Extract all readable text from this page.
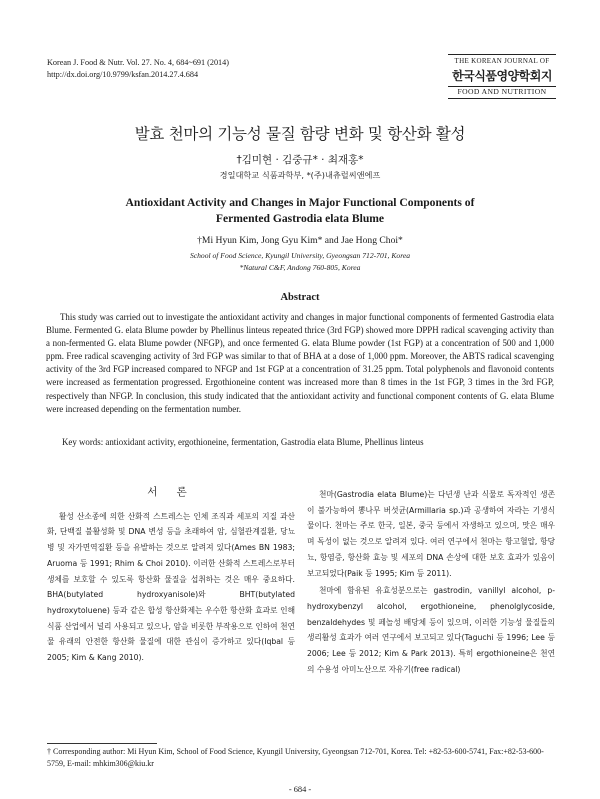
Korean J. Food & Nutr. Vol. 27. No. 4, 684~691 (2014)
http://dx.doi.org/10.9799/ksfan.2014.27.4.684
THE KOREAN JOURNAL OF
한국식품영양학회지
FOOD AND NUTRITION
발효 천마의 기능성 물질 함량 변화 및 항산화 활성
†김미현 · 김중규* · 최재홍*
경일대학교 식품과학부, *(주)내츄럴씨앤에프
Antioxidant Activity and Changes in Major Functional Components of
Fermented Gastrodia elata Blume
†Mi Hyun Kim, Jong Gyu Kim* and Jae Hong Choi*
School of Food Science, Kyungil University, Gyeongsan 712-701, Korea
*Natural C&F, Andong 760-805, Korea
Abstract
This study was carried out to investigate the antioxidant activity and changes in major functional components of fermented Gastrodia elata Blume. Fermented G. elata Blume powder by Phellinus linteus repeated thrice (3rd FGP) showed more DPPH radical scavenging activity than a non-fermented G. elata Blume powder (NFGP), and once fermented G. elata Blume powder (1st FGP) at a concentration of 500 and 1,000 ppm. Free radical scavenging activity of 3rd FGP was similar to that of BHA at a dose of 1,000 ppm. Moreover, the ABTS radical scavenging activity of the 3rd FGP increased compared to NFGP and 1st FGP at a concentration of 31.25 ppm. Total polyphenols and flavonoid contents were increased as fermentation progressed. Ergothioneine content was increased more than 8 times in the 1st FGP, 3 times in the 3rd FGP, respectively than NFGP. In conclusion, this study indicated that the antioxidant activity and functional component contents of G. elata Blume were increased depending on the fermentation number.
Key words: antioxidant activity, ergothioneine, fermentation, Gastrodia elata Blume, Phellinus linteus
서 론

활성 산소종에 의한 산화적 스트레스는 인체 조직과 세포의 지질 과산화, 단백질 불활성화 및 DNA 변성 등을 초래하여 암, 심혈관계질환, 당뇨병 및 자가면역질환 등을 유발하는 것으로 알려져 있다(Ames BN 1983; Aruoma 등 1991; Rhim & Choi 2010). 이러한 산화적 스트레스로부터 생체를 보호할 수 있도록 항산화 물질을 섭취하는 것은 매우 중요하다. BHA(butylated hydroxyanisole)와 BHT(butylated hydroxytoluene) 등과 같은 합성 항산화제는 우수한 항산화 효과로 인해 식품 산업에서 널리 사용되고 있으나, 암을 비롯한 부작용으로 인하여 천연물 유래의 안전한 항산화 물질에 대한 관심이 증가하고 있다(Iqbal 등 2005; Kim & Kang 2010).

천마(Gastrodia elata Blume)는 다년생 난과 식물로 독자적인 생존이 불가능하여 뽕나무 버섯균(Armillaria sp.)과 공생하여 자라는 기생식물이다. 천마는 주로 한국, 일본, 중국 등에서 자생하고 있으며, 맛은 매우며 독성이 없는 것으로 알려져 있다. 여러 연구에서 천마는 항고혈압, 항당뇨, 항염증, 항산화 효능 및 세포의 DNA 손상에 대한 보호 효과가 있음이 보고되었다(Paik 등 1995; Kim 등 2011).

천마에 함유된 유효성분으로는 gastrodin, vanillyl alcohol, p-hydroxybenzyl alcohol, ergothioneine, phenolglycoside, benzaldehydes 및 페놀성 배당체 등이 있으며, 이러한 기능성 물질들의 생리활성 효과가 여러 연구에서 보고되고 있다(Taguchi 등 1996; Lee 등 2006; Lee 등 2012; Kim & Park 2013). 특히 ergothioneine은 천연의 수용성 아미노산으로 자유기(free radical)

† Corresponding author: Mi Hyun Kim, School of Food Science, Kyungil University, Gyeongsan 712-701, Korea. Tel: +82-53-600-5741, Fax:+82-53-600-5759, E-mail: mhkim306@kiu.kr
- 684 -
